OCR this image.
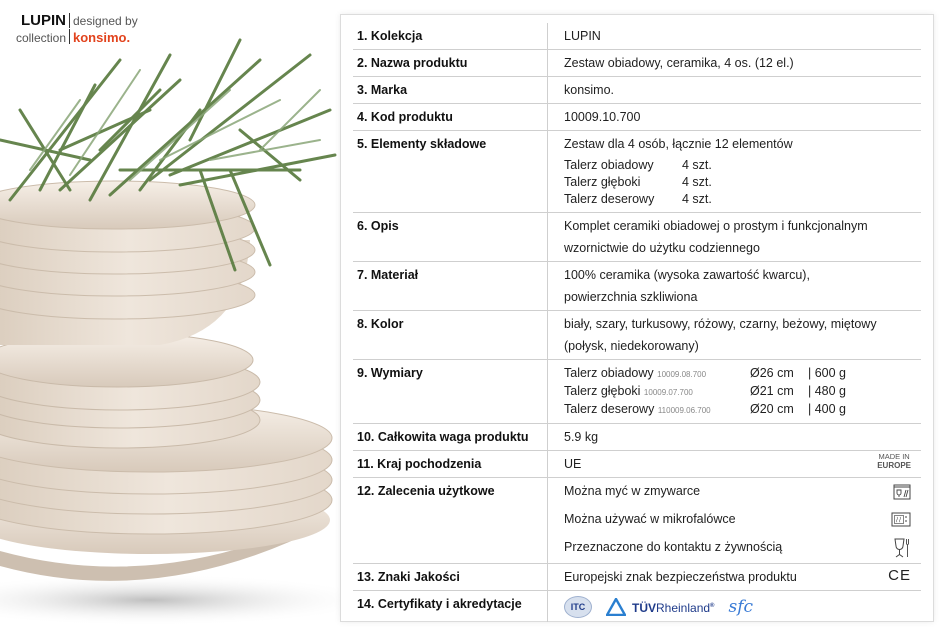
LUPIN designed by
collection konsimo.	1. Kolekcja	LUPIN
2. Nazwa produktu	Zestaw obiadowy, ceramika, 4 os. (12 el.)
3. Marka	konsimo.
4. Kod produktu	10009.10.700
5. Elementy składowe	Zestaw dla 4 osób, łącznie 12 elementów
Talerz obiadowy	4 szt.
Talerz głęboki	4 szt.
Talerz deserowy	4 szt.

6. Opis	Komplet ceramiki obiadowej o prostym i funkcjonalnym
wzornictwie do użytku codziennego

7. Materiał	100% ceramika (wysoka zawartość kwarcu),
powierzchnia szkliwiona

8. Kolor	biały, szary, turkusowy, różowy, czarny, beżowy, miętowy
(połysk, niedekorowany)

9. Wymiary	Talerz obiadowy 10009.08.700	Ø26 cm	| 600 g
Talerz głęboki 10009.07.700	Ø21 cm	| 480 g
Talerz deserowy 110009.06.700	Ø20 cm	| 400 g

10. Całkowita waga produktu	5.9 kg
11. Kraj pochodzenia	UE
MADE IN
EUROPE

12. Zalecenia użytkowe	Można myć w zmywarce
Można używać w mikrofalówce
Przeznaczone do kontaktu z żywnością

13. Znaki Jakości	Europejski znak bezpieczeństwa produktu CE

14. Certyfikaty i akredytacje	ITC TÜVRheinland® sfc
